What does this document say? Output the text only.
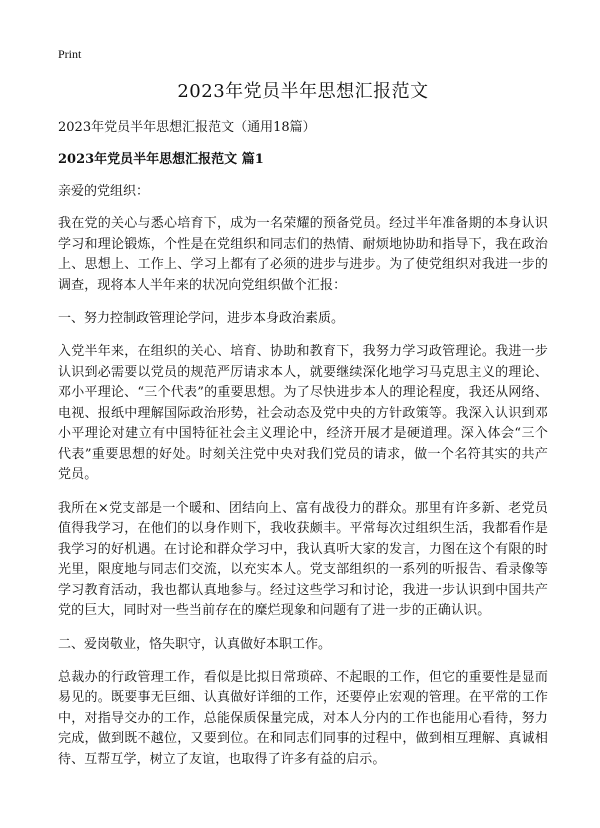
Print
2023年党员半年思想汇报范文
2023年党员半年思想汇报范文（通用18篇）
2023年党员半年思想汇报范文 篇1
亲爱的党组织：

我在党的关心与悉心培育下，成为一名荣耀的预备党员。经过半年准备期的本身认识学习和理论锻炼，个性是在党组织和同志们的热情、耐烦地协助和指导下，我在政治上、思想上、工作上、学习上都有了必须的进步与进步。为了使党组织对我进一步的调查，现将本人半年来的状况向党组织做个汇报：

一、努力控制政管理论学问，进步本身政治素质。

入党半年来，在组织的关心、培育、协助和教育下，我努力学习政管理论。我进一步认识到必需要以党员的规范严厉请求本人，就要继续深化地学习马克思主义的理论、邓小平理论、“三个代表”的重要思想。为了尽快进步本人的理论程度，我还从网络、电视、报纸中理解国际政治形势，社会动态及党中央的方针政策等。我深入认识到邓小平理论对建立有中国特征社会主义理论中，经济开展才是硬道理。深入体会“三个代表”重要思想的好处。时刻关注党中央对我们党员的请求，做一个名符其实的共产党员。

我所在×党支部是一个暖和、团结向上、富有战役力的群众。那里有许多新、老党员值得我学习，在他们的以身作则下，我收获颇丰。平常每次过组织生活，我都看作是我学习的好机遇。在讨论和群众学习中，我认真听大家的发言，力图在这个有限的时光里，限度地与同志们交流，以充实本人。党支部组织的一系列的听报告、看录像等学习教育活动，我也都认真地参与。经过这些学习和讨论，我进一步认识到中国共产党的巨大，同时对一些当前存在的糜烂现象和问题有了进一步的正确认识。

二、爱岗敬业，恪失职守，认真做好本职工作。

总裁办的行政管理工作，看似是比拟日常琐碎、不起眼的工作，但它的重要性是显而易见的。既要事无巨细、认真做好详细的工作，还要停止宏观的管理。在平常的工作中，对指导交办的工作，总能保质保量完成，对本人分内的工作也能用心看待，努力完成，做到既不越位，又要到位。在和同志们同事的过程中，做到相互理解、真诚相待、互帮互学，树立了友谊，也取得了许多有益的启示。
